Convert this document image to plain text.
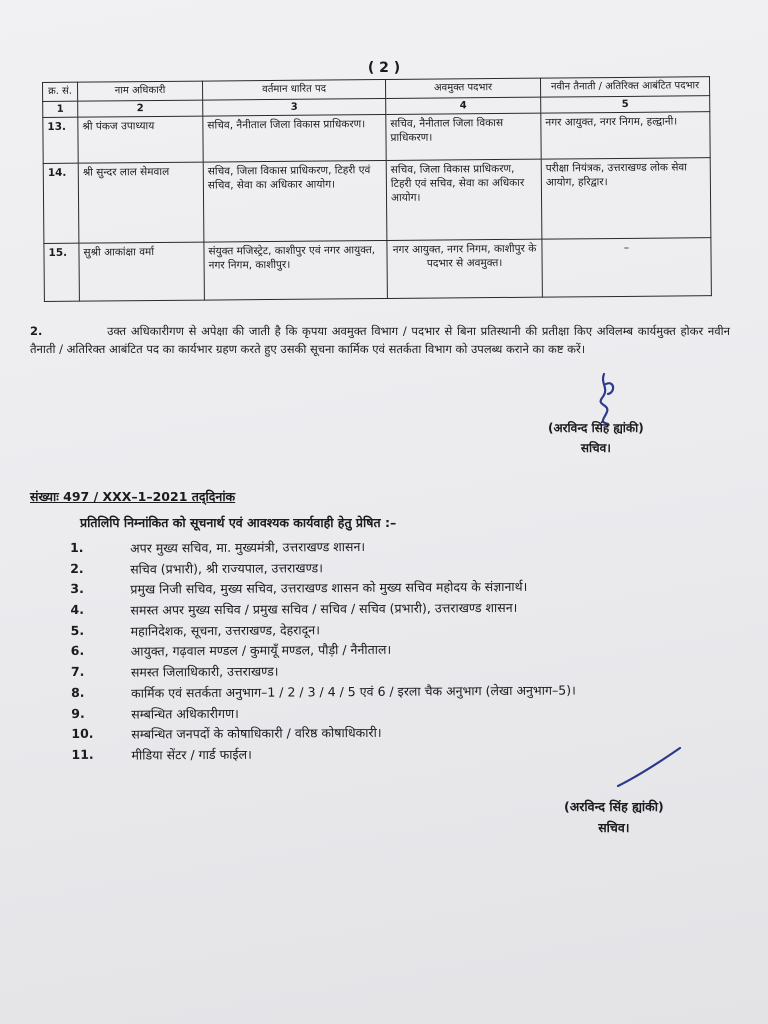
( 2 )
क्र. सं.	नाम अधिकारी	वर्तमान धारित पद	अवमुक्त पदभार	नवीन तैनाती / अतिरिक्त आबंटित पदभार
1	2	3	4	5
13.	श्री पंकज उपाध्याय	सचिव, नैनीताल जिला विकास प्राधिकरण।	सचिव, नैनीताल जिला विकास प्राधिकरण।	नगर आयुक्त, नगर निगम, हल्द्वानी।
14.	श्री सुन्दर लाल सेमवाल	सचिव, जिला विकास प्राधिकरण, टिहरी एवं सचिव, सेवा का अधिकार आयोग।	सचिव, जिला विकास प्राधिकरण, टिहरी एवं सचिव, सेवा का अधिकार आयोग।	परीक्षा नियंत्रक, उत्तराखण्ड लोक सेवा आयोग, हरिद्वार।
15.	सुश्री आकांक्षा वर्मा	संयुक्त मजिस्ट्रेट, काशीपुर एवं नगर आयुक्त, नगर निगम, काशीपुर।	नगर आयुक्त, नगर निगम, काशीपुर के पदभार से अवमुक्त।	–
2.	उक्त अधिकारीगण से अपेक्षा की जाती है कि कृपया अवमुक्त विभाग / पदभार से बिना प्रतिस्थानी की प्रतीक्षा किए अविलम्ब कार्यमुक्त होकर नवीन तैनाती / अतिरिक्त आबंटित पद का कार्यभार ग्रहण करते हुए उसकी सूचना कार्मिक एवं सतर्कता विभाग को उपलब्ध कराने का कष्ट करें।
(अरविन्द सिंह ह्यांकी)
सचिव।
संख्याः 497 / XXX–1–2021 तद्‌दिनांक
प्रतिलिपि निम्नांकित को सूचनार्थ एवं आवश्यक कार्यवाही हेतु प्रेषित :–
1.	अपर मुख्य सचिव, मा. मुख्यमंत्री, उत्तराखण्ड शासन।
2.	सचिव (प्रभारी), श्री राज्यपाल, उत्तराखण्ड।
3.	प्रमुख निजी सचिव, मुख्य सचिव, उत्तराखण्ड शासन को मुख्य सचिव महोदय के संज्ञानार्थ।
4.	समस्त अपर मुख्य सचिव / प्रमुख सचिव / सचिव / सचिव (प्रभारी), उत्तराखण्ड शासन।
5.	महानिदेशक, सूचना, उत्तराखण्ड, देहरादून।
6.	आयुक्त, गढ़वाल मण्डल / कुमायूँ मण्डल, पौड़ी / नैनीताल।
7.	समस्त जिलाधिकारी, उत्तराखण्ड।
8.	कार्मिक एवं सतर्कता अनुभाग–1 / 2 / 3 / 4 / 5 एवं 6 / इरला चैक अनुभाग (लेखा अनुभाग–5)।
9.	सम्बन्धित अधिकारीगण।
10.	सम्बन्धित जनपदों के कोषाधिकारी / वरिष्ठ कोषाधिकारी।
11.	मीडिया सेंटर / गार्ड फाईल।
(अरविन्द सिंह ह्यांकी)
सचिव।
